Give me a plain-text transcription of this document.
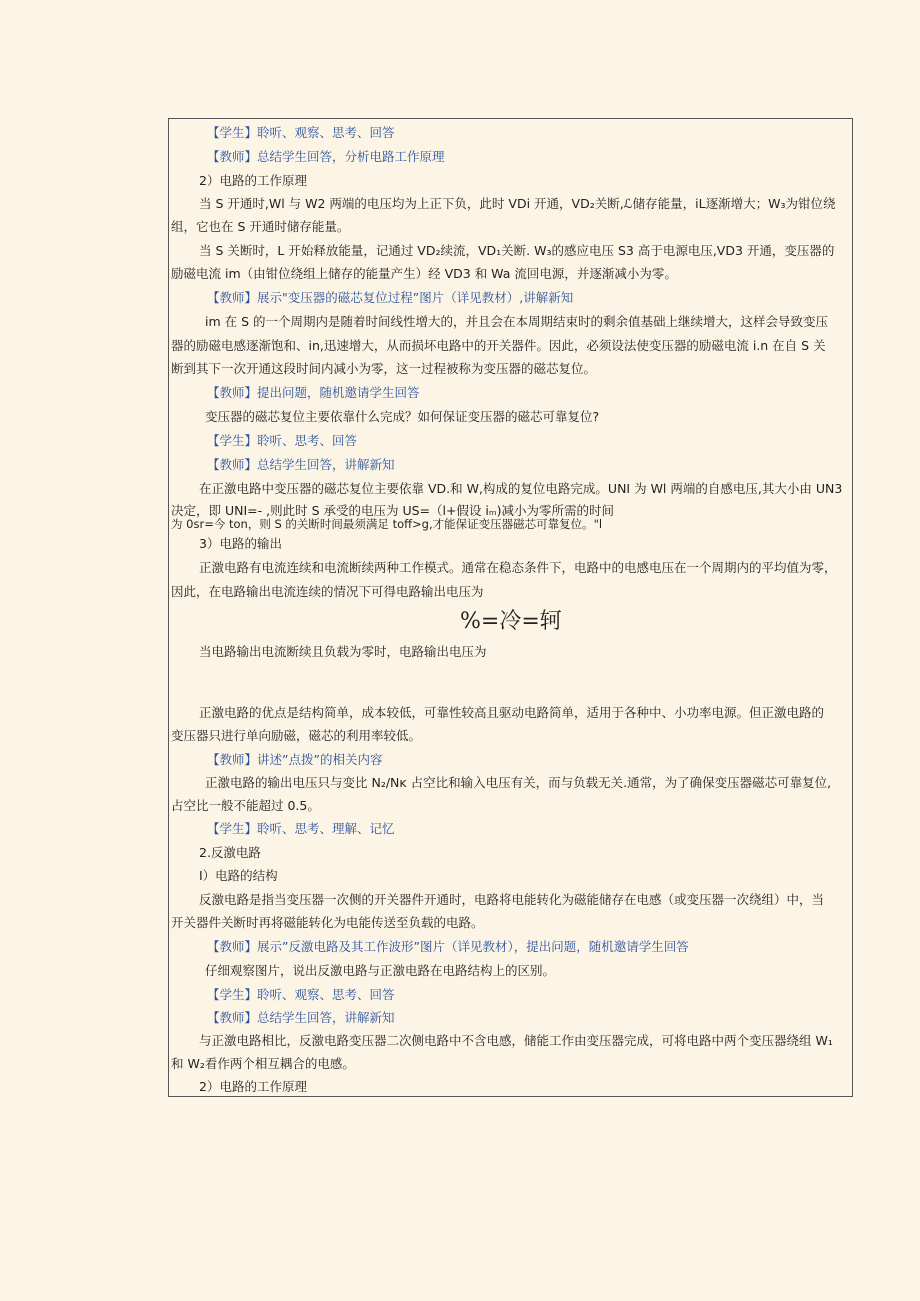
【学生】聆听、观察、思考、回答
【教师】总结学生回答，分析电路工作原理
2）电路的工作原理
当 S 开通时,Wl 与 W2 两端的电压均为上正下负，此时 VDi 开通，VD₂关断,ℒ储存能量，iL逐渐增大；W₃为钳位绕
组，它也在 S 开通时储存能量。
当 S 关断时，L 开始释放能量，记通过 VD₂续流，VD₁关断. W₃的感应电压 S3 高于电源电压,VD3 开通，变压器的
励磁电流 im（由钳位绕组上储存的能量产生）经 VD3 和 Wa 流回电源，并逐渐减小为零。
【教师】展示"变压器的磁芯复位过程”图片（详见教材）,讲解新知
im 在 S 的一个周期内是随着时间线性增大的，并且会在本周期结束时的剩余值基础上继续增大，这样会导致变压
器的励磁电感逐渐饱和、in,迅速增大，从而损坏电路中的开关器件。因此，必须设法使变压器的励磁电流 i.n 在自 S 关
断到其下一次开通这段时间内减小为零，这一过程被称为变压器的磁芯复位。
【教师】提出问题，随机邀请学生回答
变压器的磁芯复位主要依靠什么完成？如何保证变压器的磁芯可靠复位?
【学生】聆听、思考、回答
【教师】总结学生回答，讲解新知
在正激电路中变压器的磁芯复位主要依靠 VD.和 W,构成的复位电路完成。UNI 为 Wl 两端的自感电压,其大小由 UN3
决定，即 UNI=- ,则此时 S 承受的电压为 US=（l+假设 iₘ)减小为零所需的时间
为 0sr=今 ton，则 S 的关断时间最须满足 toff>g,才能保证变压器磁芯可靠复位。"l
3）电路的输出
正激电路有电流连续和电流断续两种工作模式。通常在稳态条件下，电路中的电感电压在一个周期内的平均值为零，
因此，在电路输出电流连续的情况下可得电路输出电压为
%=冷=轲
当电路输出电流断续且负载为零时，电路输出电压为
正激电路的优点是结构简单，成本较低，可靠性较高且驱动电路简单，适用于各种中、小功率电源。但正激电路的
变压器只进行单向励磁，磁芯的利用率较低。
【教师】讲述”点拨”的相关内容
正激电路的输出电压只与变比 N₂/Nᴋ 占空比和输入电压有关，而与负载无关.通常，为了确保变压器磁芯可靠复位,
占空比一般不能超过 0.5。
【学生】聆听、思考、理解、记忆
2.反激电路
I）电路的结构
反激电路是指当变压器一次侧的开关器件开通时，电路将电能转化为磁能储存在电感（或变压器一次绕组）中，当
开关器件关断时再将磁能转化为电能传送至负载的电路。
【教师】展示”反激电路及其工作波形”图片（详见教材），提出问题，随机邀请学生回答
仔细观察图片，说出反激电路与正激电路在电路结构上的区别。
【学生】聆听、观察、思考、回答
【教师】总结学生回答，讲解新知
与正激电路相比，反激电路变压器二次侧电路中不含电感，储能工作由变压器完成，可将电路中两个变压器绕组 W₁
和 W₂看作两个相互耦合的电感。
2）电路的工作原理
